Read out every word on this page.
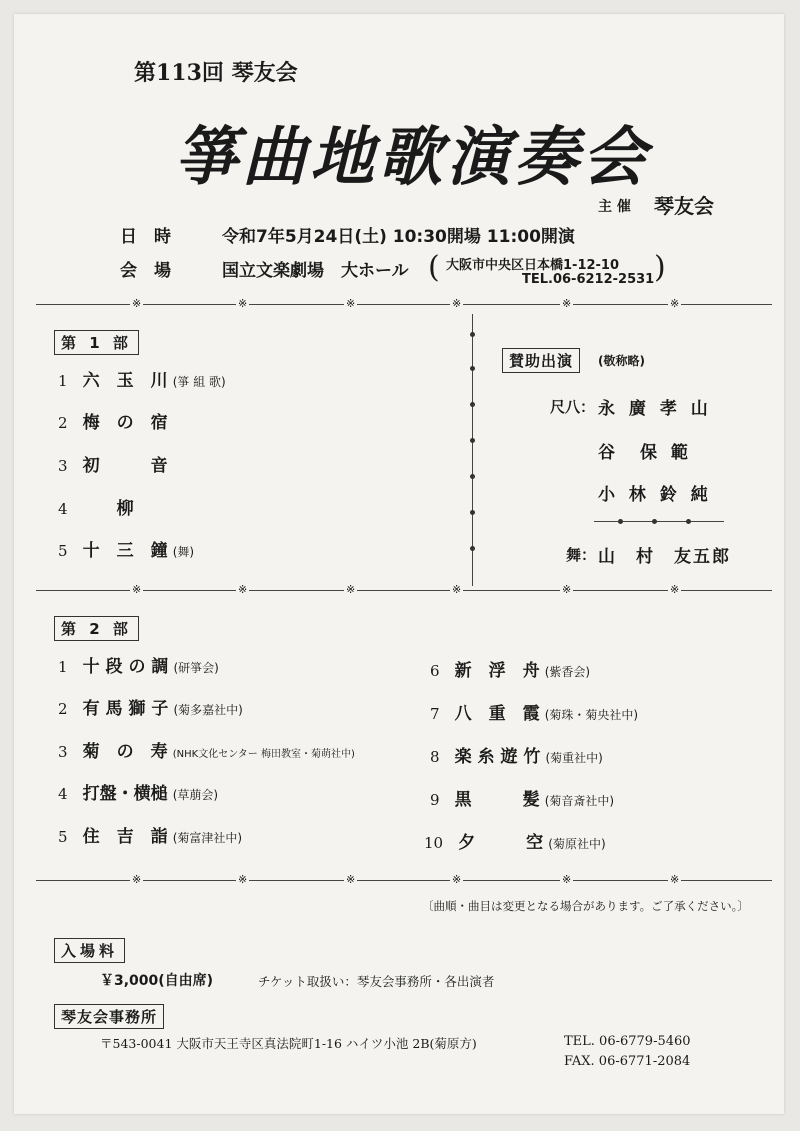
第113回 琴友会
箏曲地歌演奏会
主 催 琴友会
日　時	令和7年5月24日(土) 10:30開場 11:00開演
会　場	国立文楽劇場　大ホール ( 大阪市中央区日本橋1-12-10
TEL.06-6212-2531 )
※	※	※	※	※	※
第 1 部
1 六　玉　川 (箏 組 歌)
2 梅　の　宿
3 初　　　音
4 　　柳
5 十　三　鐘 (舞)
賛助出演	(敬称略)
尺八： 永 廣 孝 山
谷　保 範
小 林 鈴 純
舞： 山　村　友五郎
※	※	※	※	※	※
第 2 部
1 十 段 の 調 (研箏会)
2 有 馬 獅 子 (菊多嘉社中)
3 菊　の　寿 (NHK文化センター 梅田教室・菊萌社中)
4 打盤・横槌 (草萠会)
5 住　吉　詣 (菊富津社中)
6 新　浮　舟 (紫香会)
7 八　重　霞 (菊珠・菊央社中)
8 楽 糸 遊 竹 (菊重社中)
9 黒　　　髪 (菊音斎社中)
10 夕　　　空 (菊原社中)
※	※	※	※	※	※
〔曲順・曲目は変更となる場合があります。ご了承ください。〕
入場料
￥3,000(自由席)	チケット取扱い：琴友会事務所・各出演者
琴友会事務所
〒543-0041 大阪市天王寺区真法院町1-16 ハイツ小池 2B(菊原方)	TEL. 06-6779-5460
FAX. 06-6771-2084
